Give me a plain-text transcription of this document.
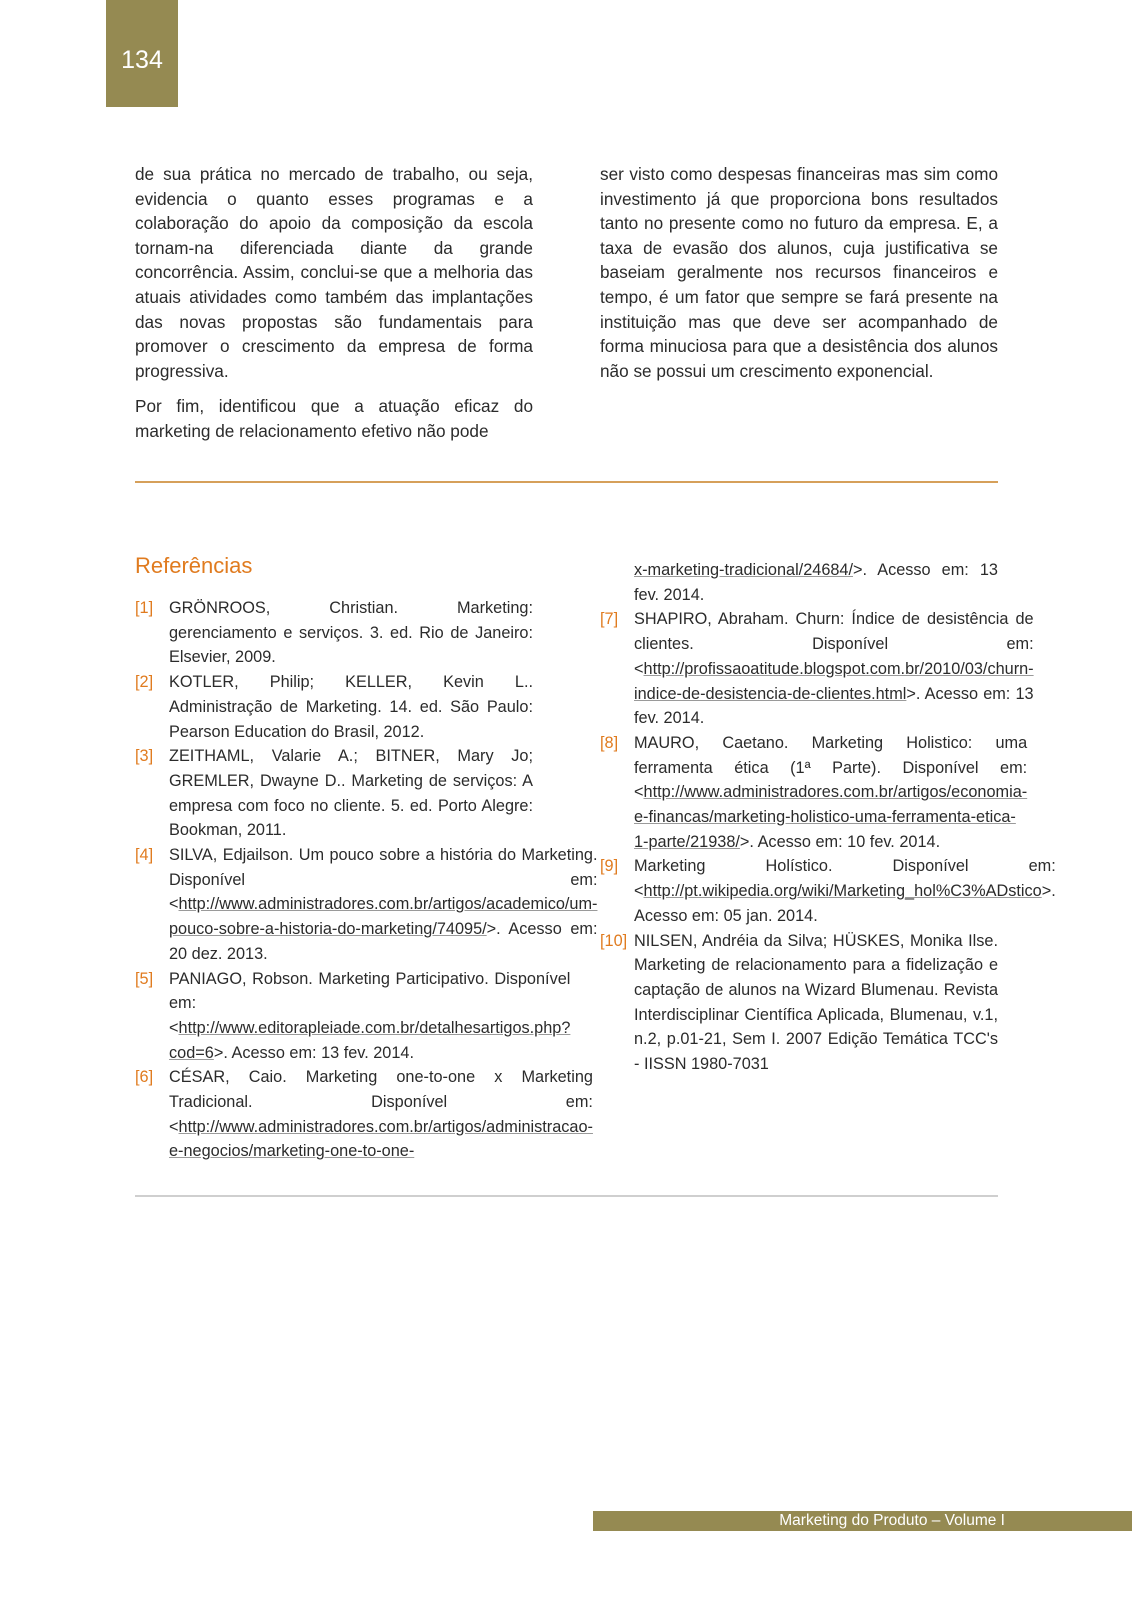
134

de sua prática no mercado de trabalho, ou seja, evidencia o quanto esses programas e a colaboração do apoio da composição da escola tornam-na diferenciada diante da grande concorrência. Assim, conclui-se que a melhoria das atuais atividades como também das implantações das novas propostas são fundamentais para promover o crescimento da empresa de forma progressiva.

Por fim, identificou que a atuação eficaz do marketing de relacionamento efetivo não pode

ser visto como despesas financeiras mas sim como investimento já que proporciona bons resultados tanto no presente como no futuro da empresa. E, a taxa de evasão dos alunos, cuja justificativa se baseiam geralmente nos recursos financeiros e tempo, é um fator que sempre se fará presente na instituição mas que deve ser acompanhado de forma minuciosa para que a desistência dos alunos não se possui um crescimento exponencial.

Referências
[1] GRÖNROOS, Christian. Marketing: gerenciamento e serviços. 3. ed. Rio de Janeiro: Elsevier, 2009.
[2] KOTLER, Philip; KELLER, Kevin L.. Administração de Marketing. 14. ed. São Paulo: Pearson Education do Brasil, 2012.
[3] ZEITHAML, Valarie A.; BITNER, Mary Jo; GREMLER, Dwayne D.. Marketing de serviços: A empresa com foco no cliente. 5. ed. Porto Alegre: Bookman, 2011.
[4] SILVA, Edjailson. Um pouco sobre a história do Marketing. Disponível em: <http://www.administradores.com.br/artigos/academico/um-pouco-sobre-a-historia-do-marketing/74095/>. Acesso em: 20 dez. 2013.
[5] PANIAGO, Robson. Marketing Participativo. Disponível em: <http://www.editorapleiade.com.br/detalhesartigos.php?cod=6>. Acesso em: 13 fev. 2014.
[6] CÉSAR, Caio. Marketing one-to-one x Marketing Tradicional. Disponível em: <http://www.administradores.com.br/artigos/administracao-e-negocios/marketing-one-to-one-
x-marketing-tradicional/24684/>. Acesso em: 13 fev. 2014.
[7] SHAPIRO, Abraham. Churn: Índice de desistência de clientes. Disponível em: <http://profissaoatitude.blogspot.com.br/2010/03/churn-indice-de-desistencia-de-clientes.html>. Acesso em: 13 fev. 2014.
[8] MAURO, Caetano. Marketing Holistico: uma ferramenta ética (1ª Parte). Disponível em: <http://www.administradores.com.br/artigos/economia-e-financas/marketing-holistico-uma-ferramenta-etica-1-parte/21938/>. Acesso em: 10 fev. 2014.
[9] Marketing Holístico. Disponível em: <http://pt.wikipedia.org/wiki/Marketing_hol%C3%ADstico>. Acesso em: 05 jan. 2014.
[10] NILSEN, Andréia da Silva; HÜSKES, Monika Ilse. Marketing de relacionamento para a fidelização e captação de alunos na Wizard Blumenau. Revista Interdisciplinar Científica Aplicada, Blumenau, v.1, n.2, p.01-21, Sem I. 2007 Edição Temática TCC's - IISSN 1980-7031
Marketing do Produto – Volume I
